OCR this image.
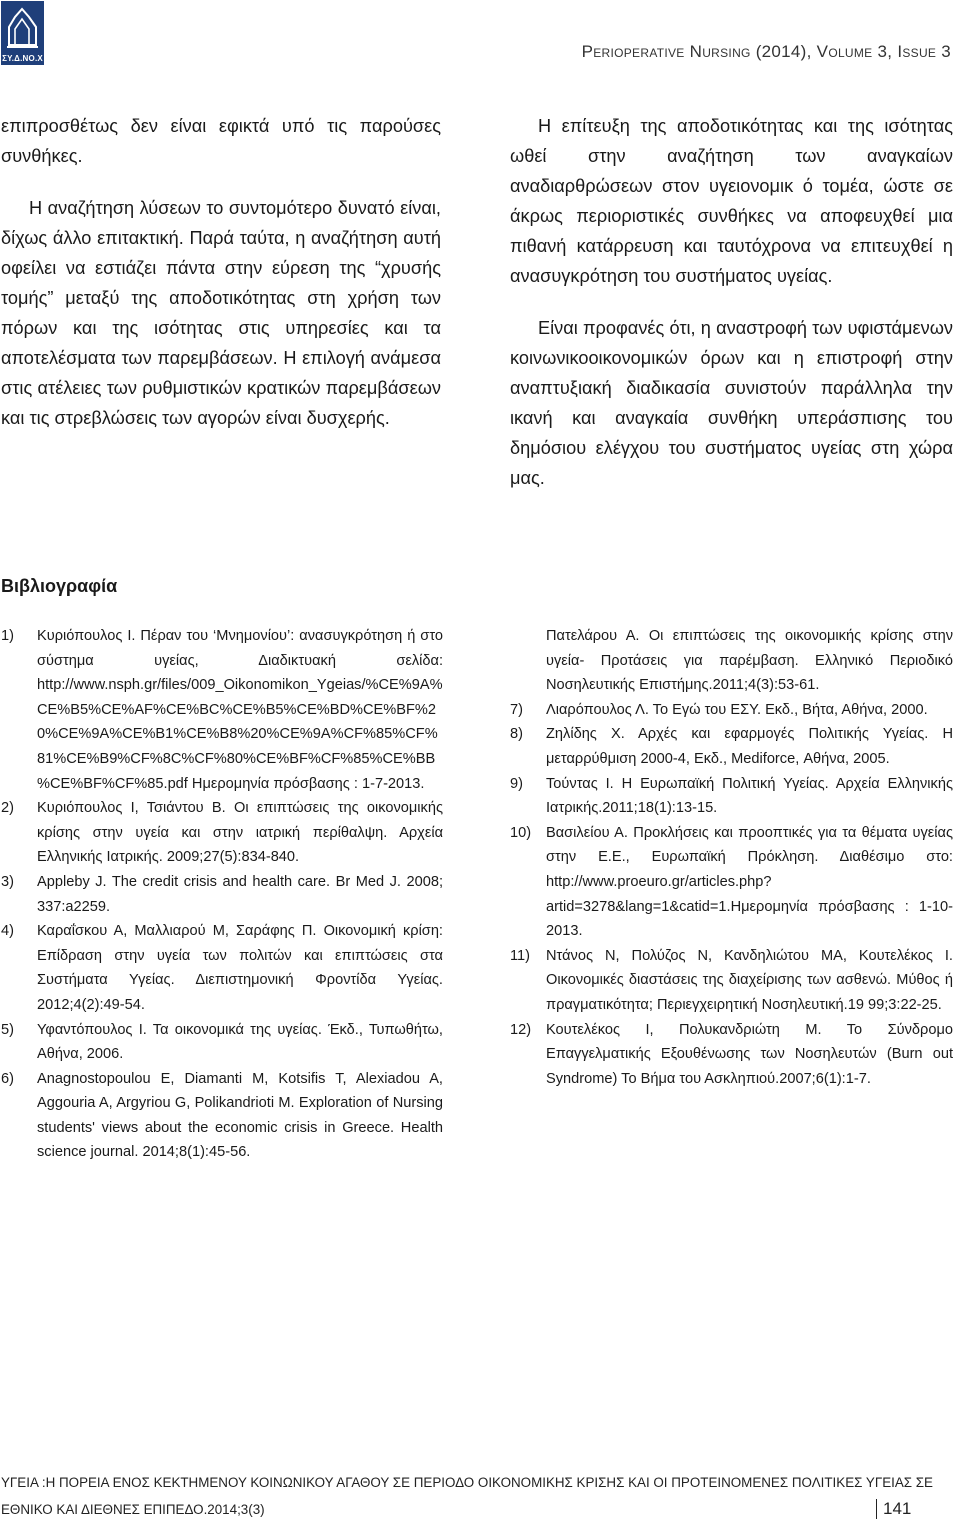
ΣΥ.Δ.ΝΟ.Χ	Perioperative Nursing (2014), Volume 3, Issue 3

επιπροσθέτως δεν είναι εφικτά υπό τις παρούσες συνθήκες.

Η αναζήτηση λύσεων το συντομότερο δυνατό είναι, δίχως άλλο επιτακτική. Παρά ταύτα, η αναζήτηση αυτή οφείλει να εστιάζει πάντα στην εύρεση της “χρυσής τομής” μεταξύ της αποδοτικότητας στη χρήση των πόρων και της ισότητας στις υπηρεσίες και τα αποτελέσματα των παρεμβάσεων. Η επιλογή ανάμεσα στις ατέλειες των ρυθμιστικών κρατικών παρεμβάσεων και τις στρεβλώσεις των αγορών είναι δυσχερής.

Η επίτευξη της αποδοτικότητας και της ισότητας ωθεί στην αναζήτηση των αναγκαίων αναδιαρθρώσεων στον υγειονομικ ό τομέα, ώστε σε άκρως περιοριστικές συνθήκες να αποφευχθεί μια πιθανή κατάρρευση και ταυτόχρονα να επιτευχθεί η ανασυγκρότηση του συστήματος υγείας.

Είναι προφανές ότι, η αναστροφή των υφιστάμενων κοινωνικοοικονομικών όρων και η επιστροφή στην αναπτυξιακή διαδικασία συνιστούν παράλληλα την ικανή και αναγκαία συνθήκη υπεράσπισης του δημόσιου ελέγχου του συστήματος υγείας στη χώρα μας.

Βιβλιογραφία
1) Κυριόπουλος Ι. Πέραν του ‘Μνημονίου’: ανασυγκρότηση ή στο σύστημα υγείας, Διαδικτυακή σελίδα: http://www.nsph.gr/files/009_Oikonomikon_Ygeias/%CE%9A%CE%B5%CE%AF%CE%BC%CE%B5%CE%BD%CE%BF%20%CE%9A%CE%B1%CE%B8%20%CE%9A%CF%85%CF%81%CE%B9%CF%8C%CF%80%CE%BF%CF%85%CE%BB%CE%BF%CF%85.pdf Ημερομηνία πρόσβασης : 1-7-2013.
2) Κυριόπουλος Ι, Τσιάντου Β. Οι επιπτώσεις της οικονομικής κρίσης στην υγεία και στην ιατρική περίθαλψη. Αρχεία Ελληνικής Ιατρικής. 2009;27(5):834-840.
3) Appleby J. The credit crisis and health care. Br Med J. 2008; 337:a2259.
4) Καραΐσκου Α, Μαλλιαρού Μ, Σαράφης Π. Οικονομική κρίση: Επίδραση στην υγεία των πολιτών και επιπτώσεις στα Συστήματα Υγείας. Διεπιστημονική Φροντίδα Υγείας. 2012;4(2):49-54.
5) Υφαντόπουλος Ι. Τα οικονομικά της υγείας. Έκδ., Τυπωθήτω, Αθήνα, 2006.
6) Anagnostopoulou E, Diamanti M, Kotsifis T, Alexiadou A, Aggouria A, Argyriou G, Polikandrioti M. Exploration of Nursing students' views about the economic crisis in Greece. Health science journal. 2014;8(1):45-56.
Πατελάρου Α. Οι επιπτώσεις της οικονομικής κρίσης στην υγεία- Προτάσεις για παρέμβαση. Ελληνικό Περιοδικό Νοσηλευτικής Επιστήμης.2011;4(3):53-61.
7) Λιαρόπουλος Λ. Το Εγώ του ΕΣΥ. Εκδ., Βήτα, Αθήνα, 2000.
8) Ζηλίδης Χ. Αρχές και εφαρμογές Πολιτικής Υγείας. Η μεταρρύθμιση 2000-4, Εκδ., Mediforce, Αθήνα, 2005.
9) Τούντας Ι. Η Ευρωπαϊκή Πολιτική Υγείας. Αρχεία Ελληνικής Ιατρικής.2011;18(1):13-15.
10) Βασιλείου Α. Προκλήσεις και προοπτικές για τα θέματα υγείας στην Ε.Ε., Ευρωπαϊκή Πρόκληση. Διαθέσιμο στο: http://www.proeuro.gr/articles.php?artid=3278&lang=1&catid=1.Ημερομηνία πρόσβασης : 1-10-2013.
11) Ντάνος Ν, Πολύζος Ν, Κανδηλιώτου ΜΑ, Κουτελέκος Ι. Οικονομικές διαστάσεις της διαχείρισης των ασθενώ. Μύθος ή πραγματικότητα; Περιεγχειρητική Νοσηλευτική.19 99;3:22-25.
12) Κουτελέκος Ι, Πολυκανδριώτη Μ. Το Σύνδρομο Επαγγελματικής Εξουθένωσης των Νοσηλευτών (Burn out Syndrome) Το Βήμα του Ασκληπιού.2007;6(1):1-7.
ΥΓΕΙΑ :Η ΠΟΡΕΙΑ ΕΝΟΣ ΚΕΚΤΗΜΕΝΟΥ ΚΟΙΝΩΝΙΚΟΥ ΑΓΑΘΟΥ ΣΕ ΠΕΡΙΟΔΟ ΟΙΚΟΝΟΜΙΚΗΣ ΚΡΙΣΗΣ ΚΑΙ ΟΙ ΠΡΟΤΕΙΝΟΜΕΝΕΣ ΠΟΛΙΤΙΚΕΣ ΥΓΕΙΑΣ ΣΕ
ΕΘΝΙΚΟ ΚΑΙ ΔΙΕΘΝΕΣ ΕΠΙΠΕΔΟ.2014;3(3)	141
